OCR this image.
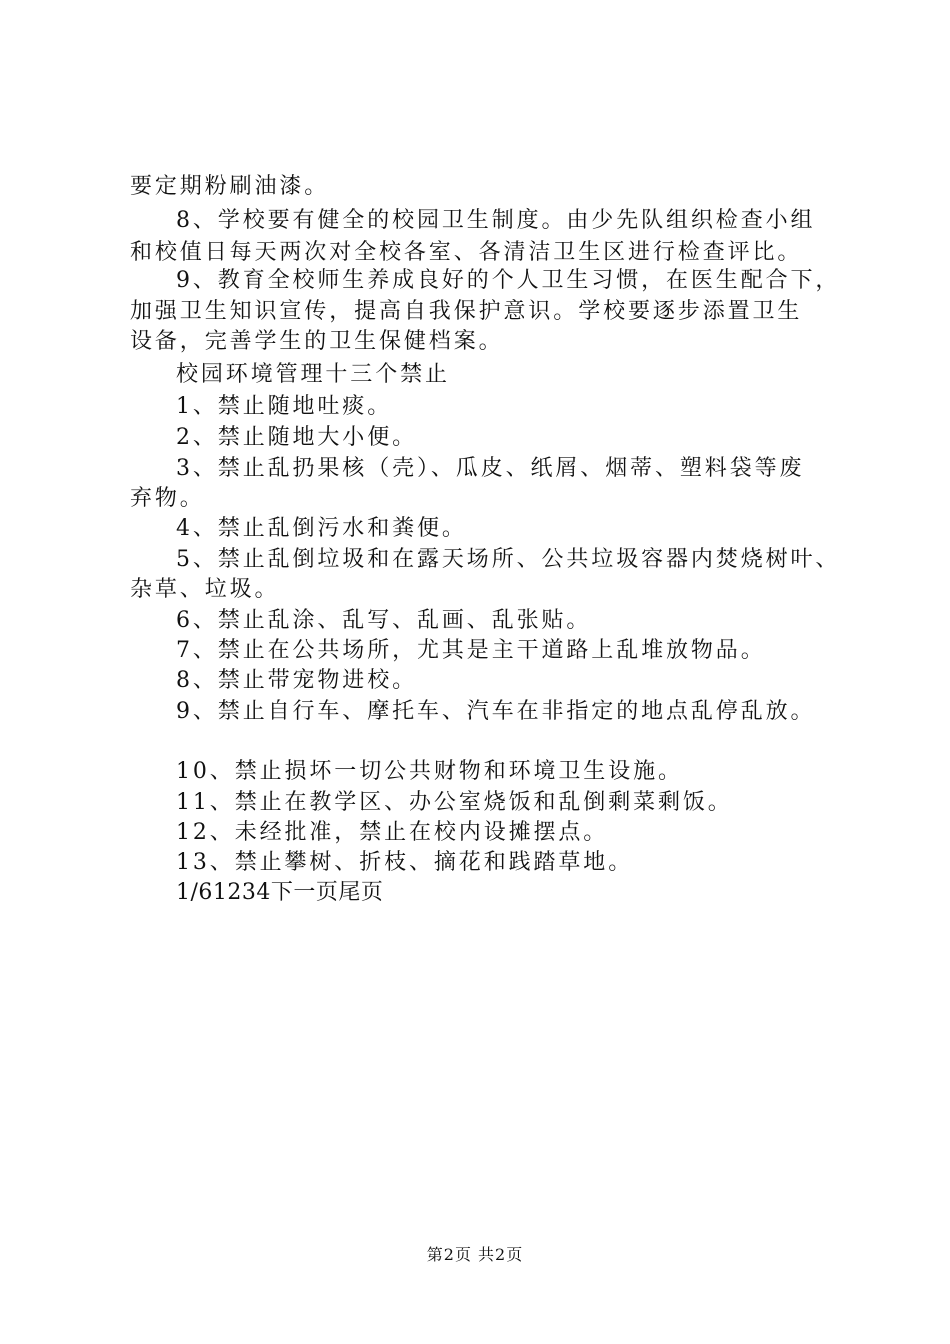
要定期粉刷油漆。
8、学校要有健全的校园卫生制度。由少先队组织检查小组
和校值日每天两次对全校各室、各清洁卫生区进行检查评比。
9、教育全校师生养成良好的个人卫生习惯，在医生配合下，
加强卫生知识宣传，提高自我保护意识。学校要逐步添置卫生
设备，完善学生的卫生保健档案。
校园环境管理十三个禁止
1、禁止随地吐痰。
2、禁止随地大小便。
3、禁止乱扔果核（壳）、瓜皮、纸屑、烟蒂、塑料袋等废
弃物。
4、禁止乱倒污水和粪便。
5、禁止乱倒垃圾和在露天场所、公共垃圾容器内焚烧树叶、
杂草、垃圾。
6、禁止乱涂、乱写、乱画、乱张贴。
7、禁止在公共场所，尤其是主干道路上乱堆放物品。
8、禁止带宠物进校。
9、禁止自行车、摩托车、汽车在非指定的地点乱停乱放。
10、禁止损坏一切公共财物和环境卫生设施。
11、禁止在教学区、办公室烧饭和乱倒剩菜剩饭。
12、未经批准，禁止在校内设摊摆点。
13、禁止攀树、折枝、摘花和践踏草地。
1/61234下一页尾页
第2页 共2页
